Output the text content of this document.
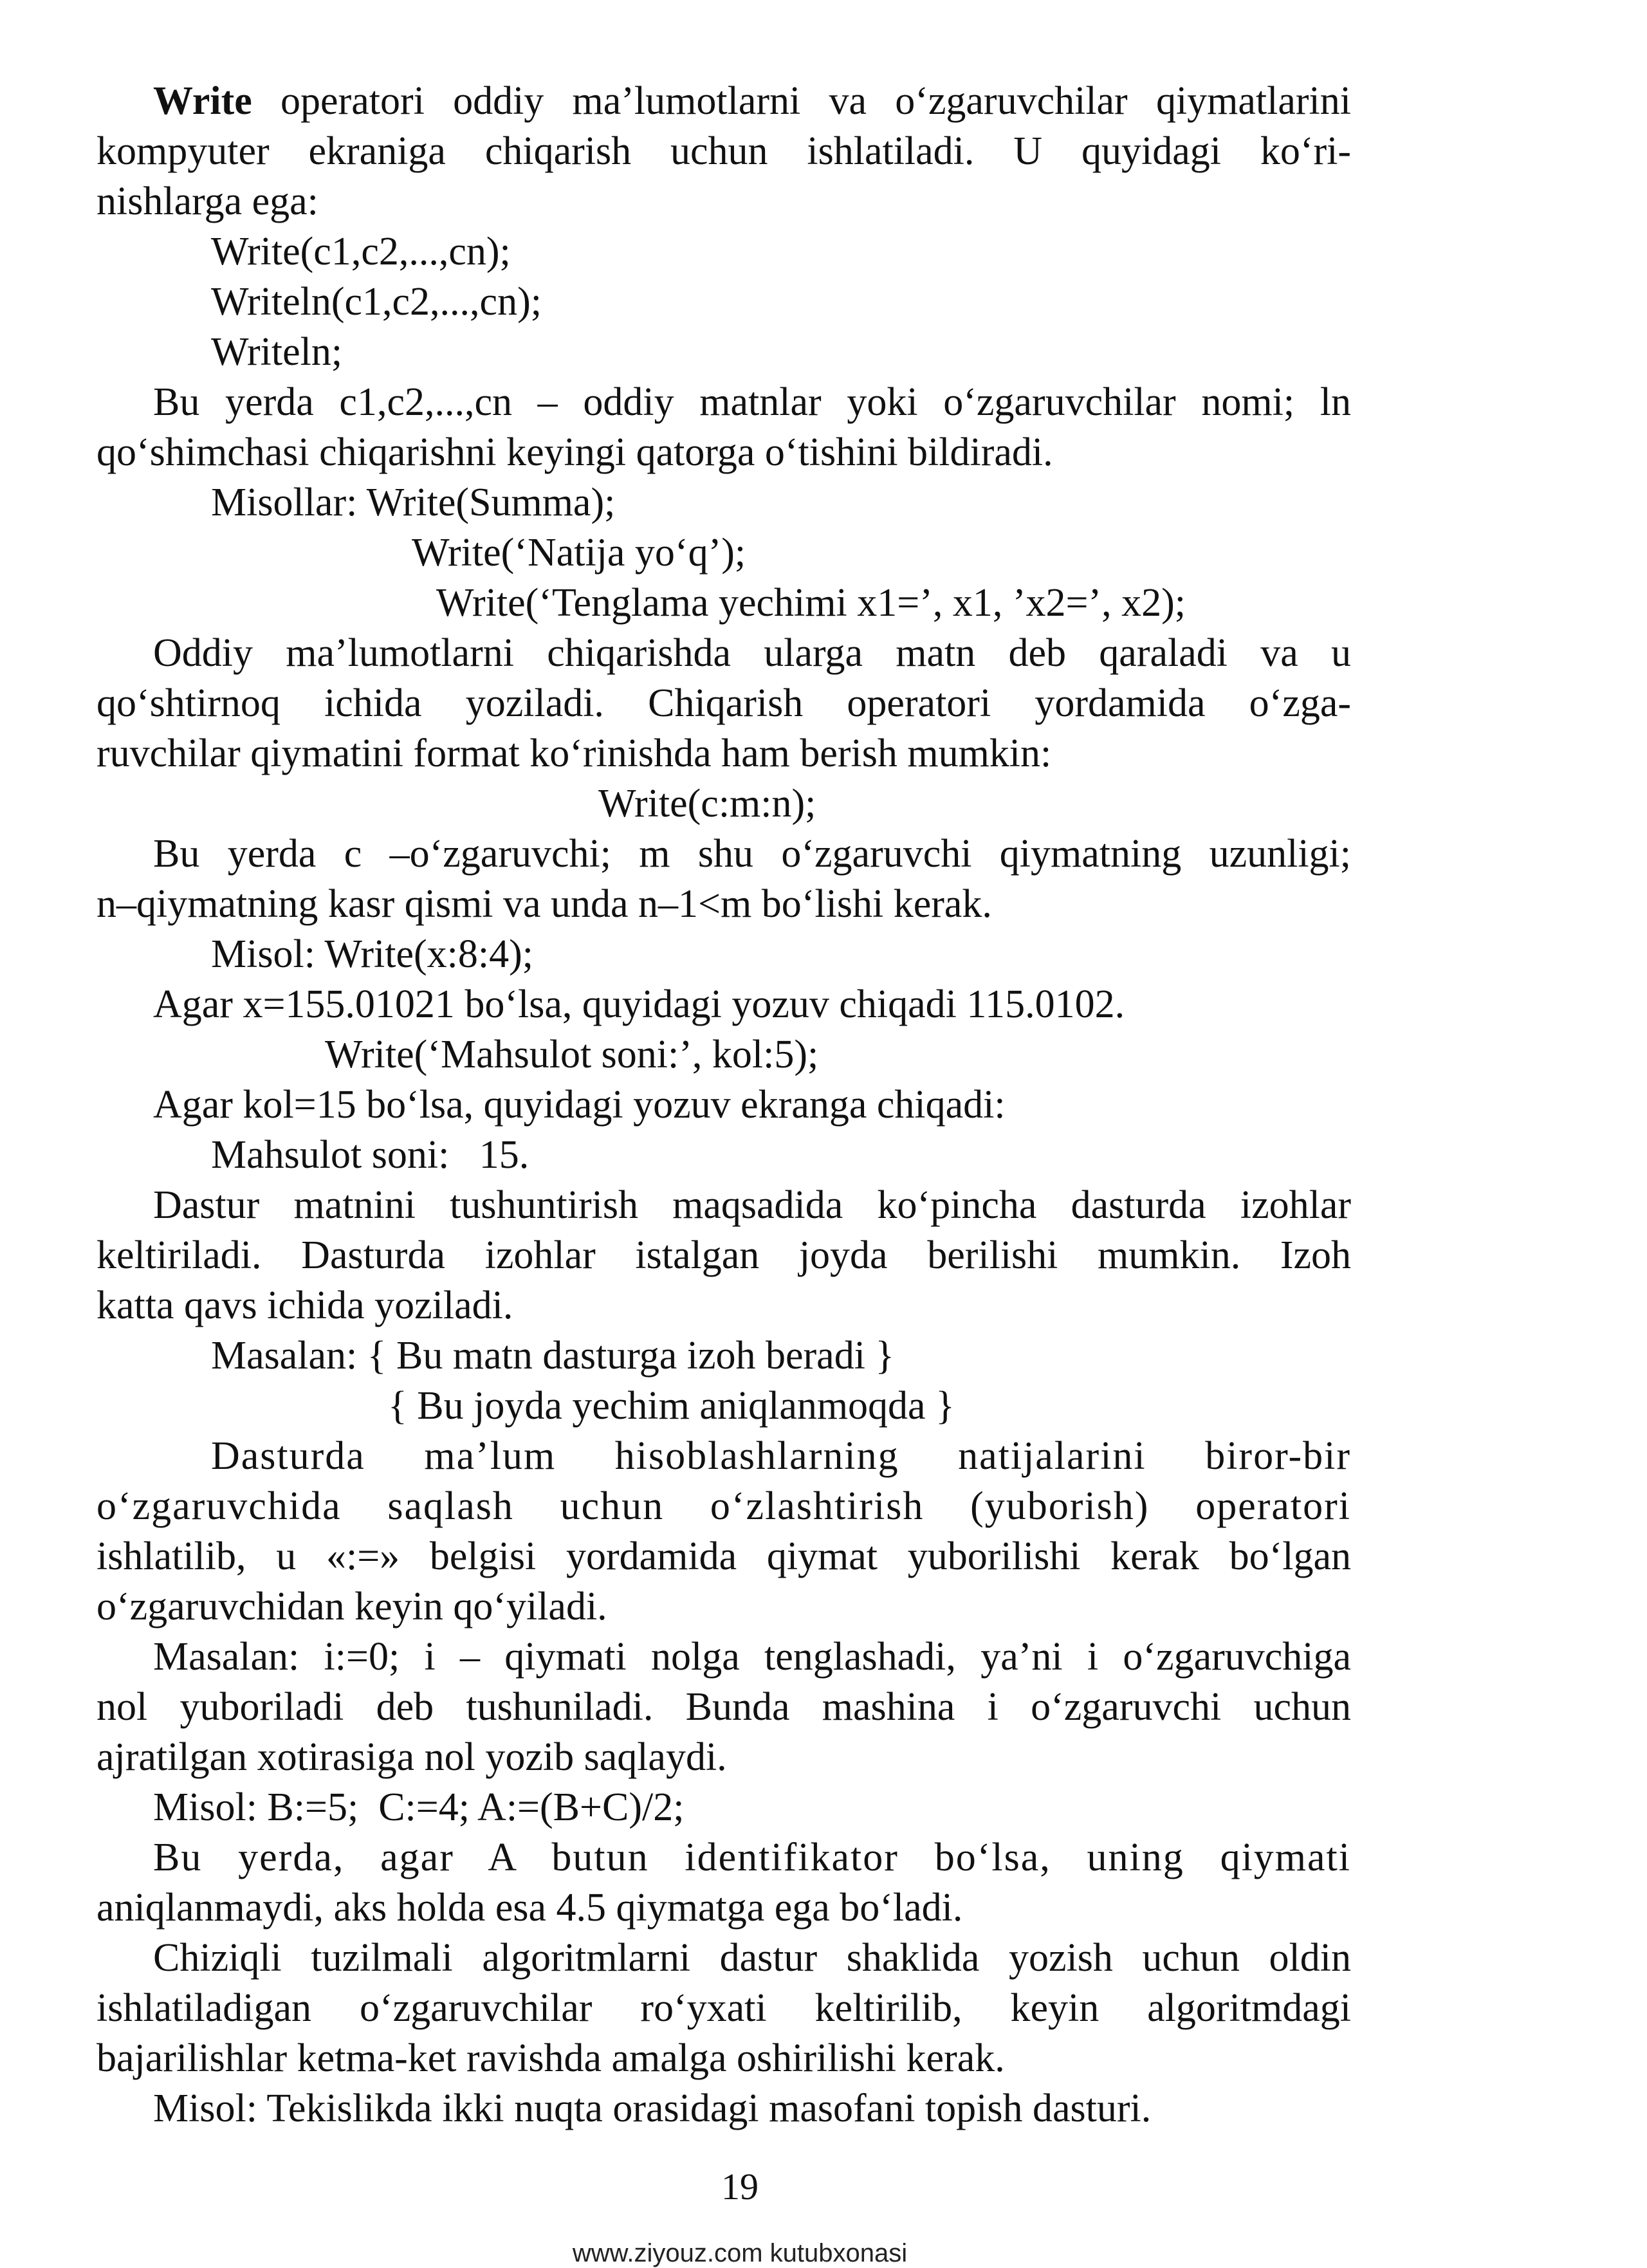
Write operatori oddiy ma’lumotlarni va o‘zgaruvchilar qiymatlarini
kompyuter ekraniga chiqarish uchun ishlatiladi. U quyidagi ko‘ri-
nishlarga ega:
Write(c1,c2,...,cn);
Writeln(c1,c2,...,cn);
Writeln;
Bu yerda c1,c2,...,cn – oddiy matnlar yoki o‘zgaruvchilar nomi; ln
qo‘shimchasi chiqarishni keyingi qatorga o‘tishini bildiradi.
Misollar: Write(Summa);
Write(‘Natija yo‘q’);
Write(‘Tenglama yechimi x1=’, x1, ’x2=’, x2);
Oddiy ma’lumotlarni chiqarishda ularga matn deb qaraladi va u
qo‘shtirnoq ichida yoziladi. Chiqarish operatori yordamida o‘zga-
ruvchilar qiymatini format ko‘rinishda ham berish mumkin:
Write(c:m:n);
Bu yerda c –o‘zgaruvchi; m shu o‘zgaruvchi qiymatning uzunligi;
n–qiymatning kasr qismi va unda n–1<m bo‘lishi kerak.
Misol: Write(x:8:4);
Agar x=155.01021 bo‘lsa, quyidagi yozuv chiqadi 115.0102.
Write(‘Mahsulot soni:’, kol:5);
Agar kol=15 bo‘lsa, quyidagi yozuv ekranga chiqadi:
Mahsulot soni:   15.
Dastur matnini tushuntirish maqsadida ko‘pincha dasturda izohlar
keltiriladi. Dasturda izohlar istalgan joyda berilishi mumkin. Izoh
katta qavs ichida yoziladi.
Masalan: { Bu matn dasturga izoh beradi }
{ Bu joyda yechim aniqlanmoqda }
Dasturda ma’lum hisoblashlarning natijalarini biror-bir
o‘zgaruvchida saqlash uchun o‘zlashtirish (yuborish) operatori
ishlatilib, u «:=» belgisi yordamida qiymat yuborilishi kerak bo‘lgan
o‘zgaruvchidan keyin qo‘yiladi.
Masalan: i:=0; i – qiymati nolga tenglashadi, ya’ni i o‘zgaruvchiga
nol yuboriladi deb tushuniladi. Bunda mashina i o‘zgaruvchi uchun
ajratilgan xotirasiga nol yozib saqlaydi.
Misol: B:=5;  C:=4; A:=(B+C)/2;
Bu yerda, agar A butun identifikator bo‘lsa, uning qiymati
aniqlanmaydi, aks holda esa 4.5 qiymatga ega bo‘ladi.
Chiziqli tuzilmali algoritmlarni dastur shaklida yozish uchun oldin
ishlatiladigan o‘zgaruvchilar ro‘yxati keltirilib, keyin algoritmdagi
bajarilishlar ketma-ket ravishda amalga oshirilishi kerak.
Misol: Tekislikda ikki nuqta orasidagi masofani topish dasturi.
19
www.ziyouz.com kutubxonasi
